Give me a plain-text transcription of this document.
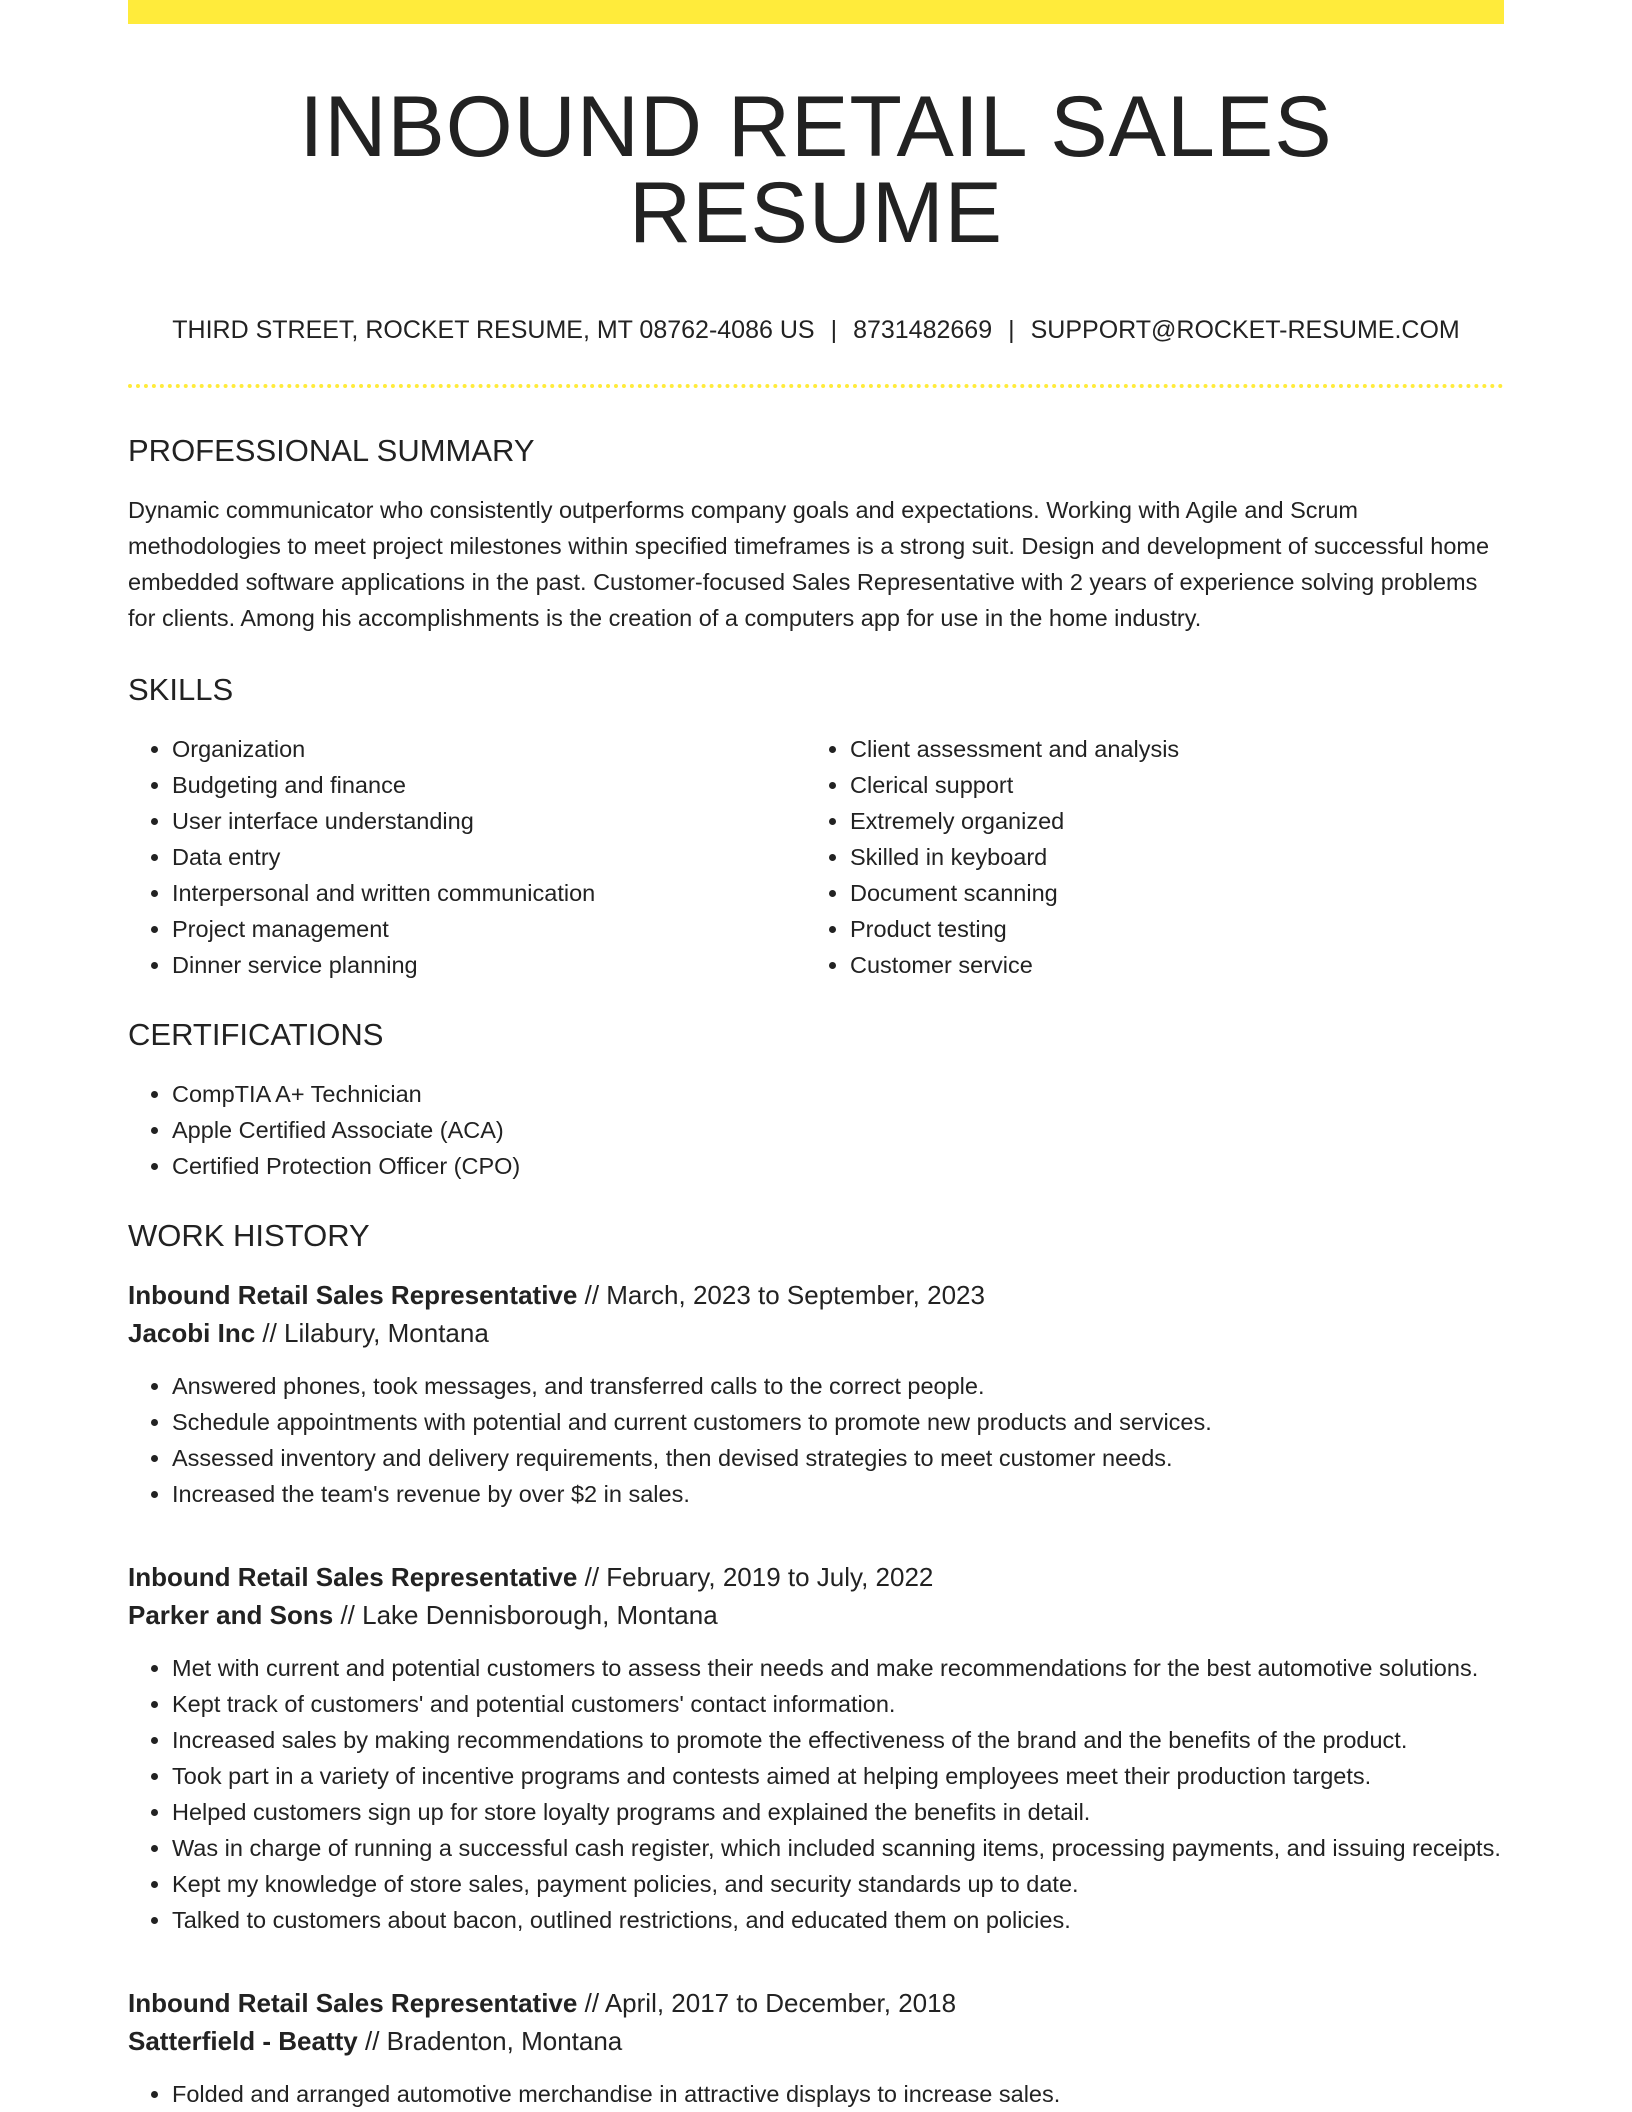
INBOUND RETAIL SALES RESUME
THIRD STREET, ROCKET RESUME, MT 08762-4086 US | 8731482669 | SUPPORT@ROCKET-RESUME.COM
PROFESSIONAL SUMMARY

Dynamic communicator who consistently outperforms company goals and expectations. Working with Agile and Scrum methodologies to meet project milestones within specified timeframes is a strong suit. Design and development of successful home embedded software applications in the past. Customer-focused Sales Representative with 2 years of experience solving problems for clients. Among his accomplishments is the creation of a computers app for use in the home industry.

SKILLS
• Organization
• Budgeting and finance
• User interface understanding
• Data entry
• Interpersonal and written communication
• Project management
• Dinner service planning
• Client assessment and analysis
• Clerical support
• Extremely organized
• Skilled in keyboard
• Document scanning
• Product testing
• Customer service
CERTIFICATIONS
• CompTIA A+ Technician
• Apple Certified Associate (ACA)
• Certified Protection Officer (CPO)
WORK HISTORY
Inbound Retail Sales Representative // March, 2023 to September, 2023
Jacobi Inc // Lilabury, Montana
• Answered phones, took messages, and transferred calls to the correct people.
• Schedule appointments with potential and current customers to promote new products and services.
• Assessed inventory and delivery requirements, then devised strategies to meet customer needs.
• Increased the team's revenue by over $2 in sales.
Inbound Retail Sales Representative // February, 2019 to July, 2022
Parker and Sons // Lake Dennisborough, Montana
• Met with current and potential customers to assess their needs and make recommendations for the best automotive solutions.
• Kept track of customers' and potential customers' contact information.
• Increased sales by making recommendations to promote the effectiveness of the brand and the benefits of the product.
• Took part in a variety of incentive programs and contests aimed at helping employees meet their production targets.
• Helped customers sign up for store loyalty programs and explained the benefits in detail.
• Was in charge of running a successful cash register, which included scanning items, processing payments, and issuing receipts.
• Kept my knowledge of store sales, payment policies, and security standards up to date.
• Talked to customers about bacon, outlined restrictions, and educated them on policies.
Inbound Retail Sales Representative // April, 2017 to December, 2018
Satterfield - Beatty // Bradenton, Montana
• Folded and arranged automotive merchandise in attractive displays to increase sales.
